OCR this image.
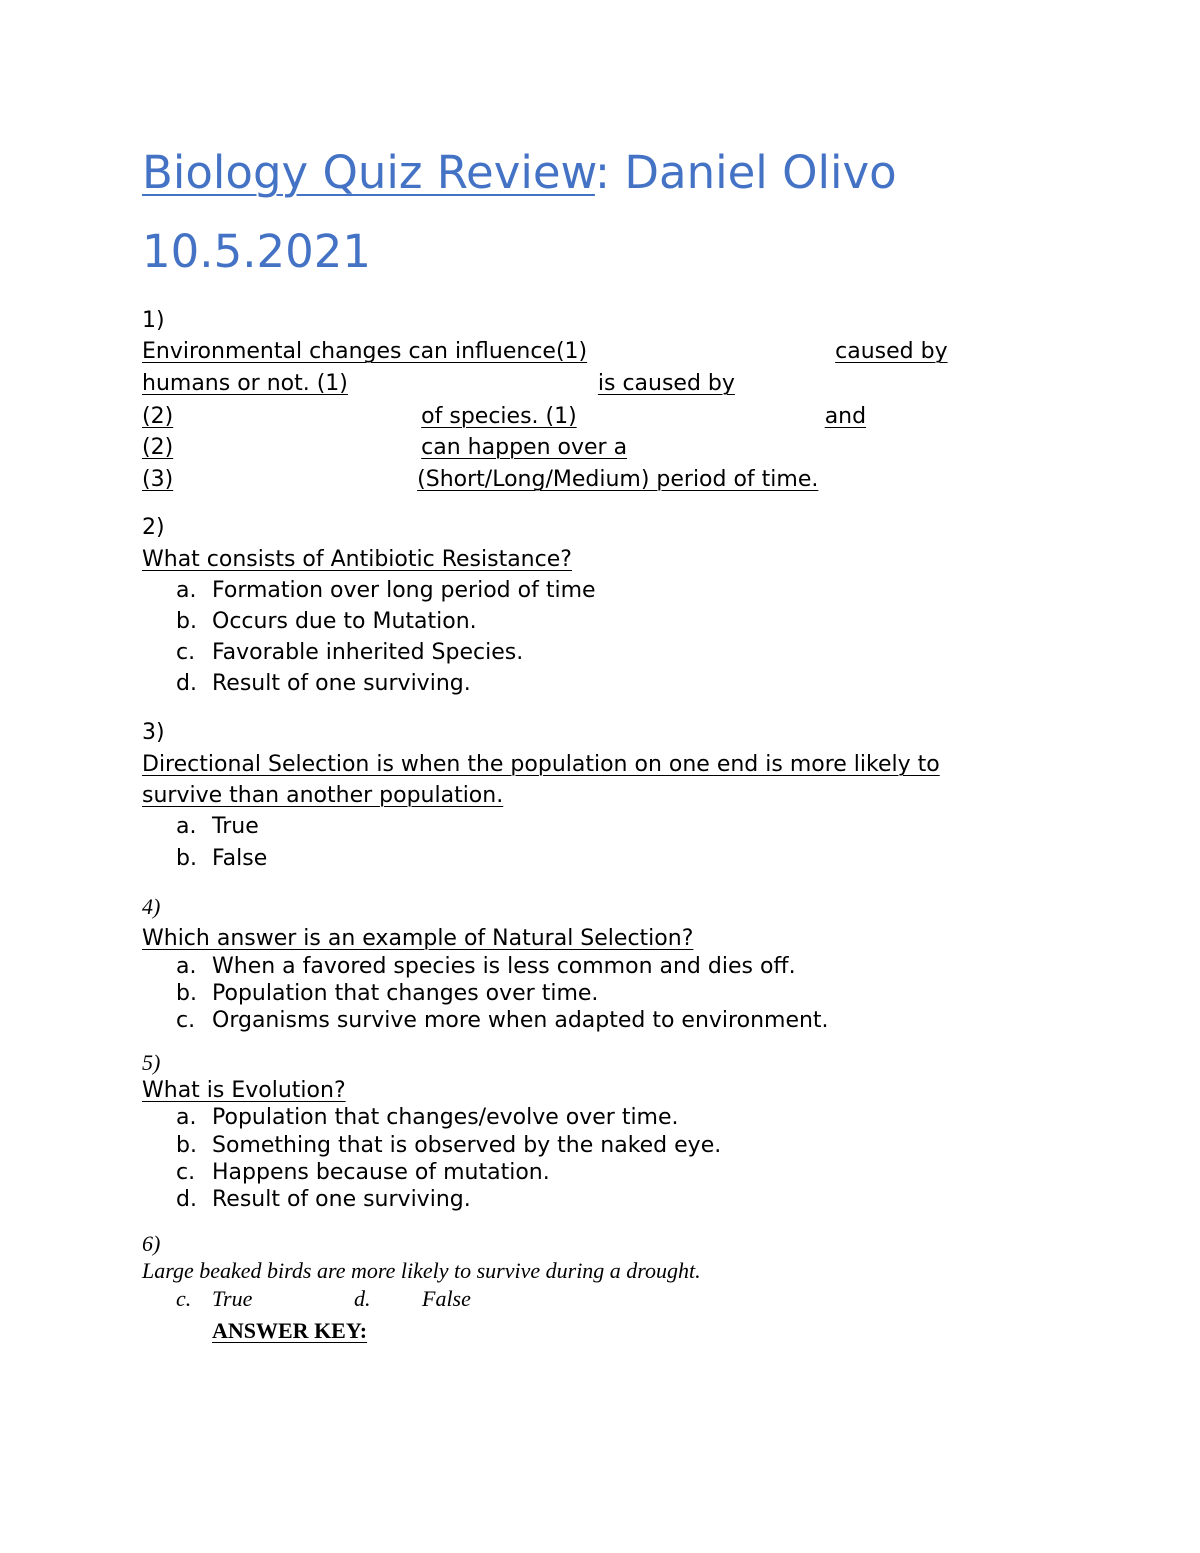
Biology Quiz Review: Daniel Olivo
10.5.2021
1)
Environmental changes can influence(1)	caused by
humans or not. (1)	is caused by
(2)	of species. (1)	and
(2)	can happen over a
(3)	(Short/Long/Medium) period of time.
2)
What consists of Antibiotic Resistance?
a. Formation over long period of time
b. Occurs due to Mutation.
c. Favorable inherited Species.
d. Result of one surviving.
3)
Directional Selection is when the population on one end is more likely to
survive than another population.
a. True
b. False
4)
Which answer is an example of Natural Selection?
a. When a favored species is less common and dies off.
b. Population that changes over time.
c. Organisms survive more when adapted to environment.
5)
What is Evolution?
a. Population that changes/evolve over time.
b. Something that is observed by the naked eye.
c. Happens because of mutation.
d. Result of one surviving.
6)
Large beaked birds are more likely to survive during a drought.
c. True	d. False
ANSWER KEY:
